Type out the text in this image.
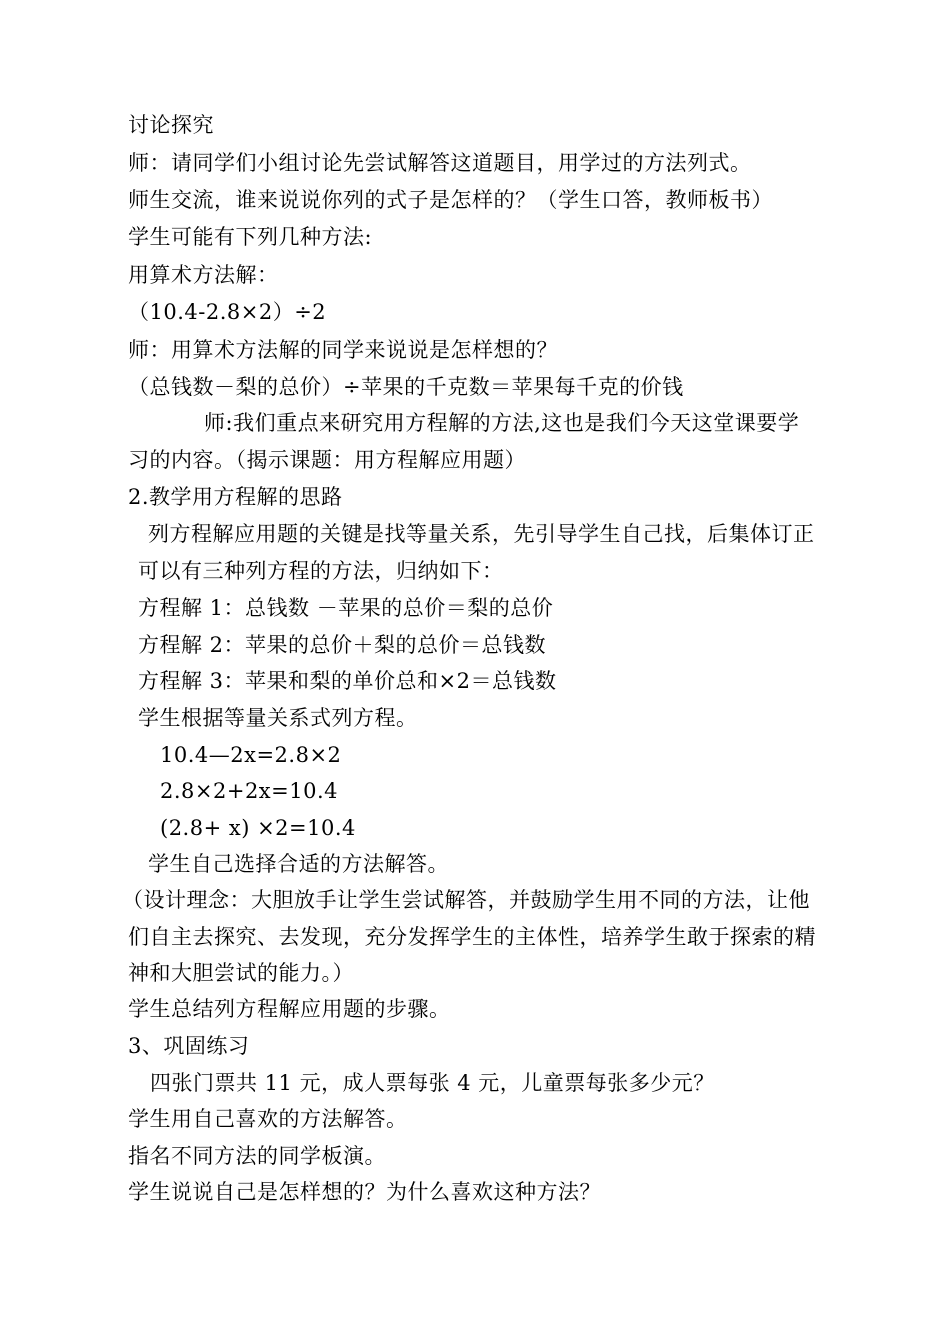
讨论探究
师：请同学们小组讨论先尝试解答这道题目，用学过的方法列式。
师生交流，谁来说说你列的式子是怎样的？（学生口答，教师板书）
学生可能有下列几种方法:
用算术方法解：
（10.4-2.8×2）÷2
师：用算术方法解的同学来说说是怎样想的？
（总钱数－梨的总价）÷苹果的千克数＝苹果每千克的价钱
师:我们重点来研究用方程解的方法,这也是我们今天这堂课要学
习的内容。（揭示课题：用方程解应用题）
2.教学用方程解的思路
列方程解应用题的关键是找等量关系，先引导学生自己找，后集体订正
可以有三种列方程的方法，归纳如下：
方程解 1：总钱数 －苹果的总价＝梨的总价
方程解 2：苹果的总价＋梨的总价＝总钱数
方程解 3：苹果和梨的单价总和×2＝总钱数
学生根据等量关系式列方程。
10.4—2x=2.8×2
2.8×2+2x=10.4
(2.8+ x) ×2=10.4
学生自己选择合适的方法解答。
（设计理念：大胆放手让学生尝试解答，并鼓励学生用不同的方法，让他
们自主去探究、去发现，充分发挥学生的主体性，培养学生敢于探索的精
神和大胆尝试的能力。）
学生总结列方程解应用题的步骤。
3、巩固练习
四张门票共 11 元，成人票每张 4 元，儿童票每张多少元？
学生用自己喜欢的方法解答。
指名不同方法的同学板演。
学生说说自己是怎样想的？为什么喜欢这种方法？
